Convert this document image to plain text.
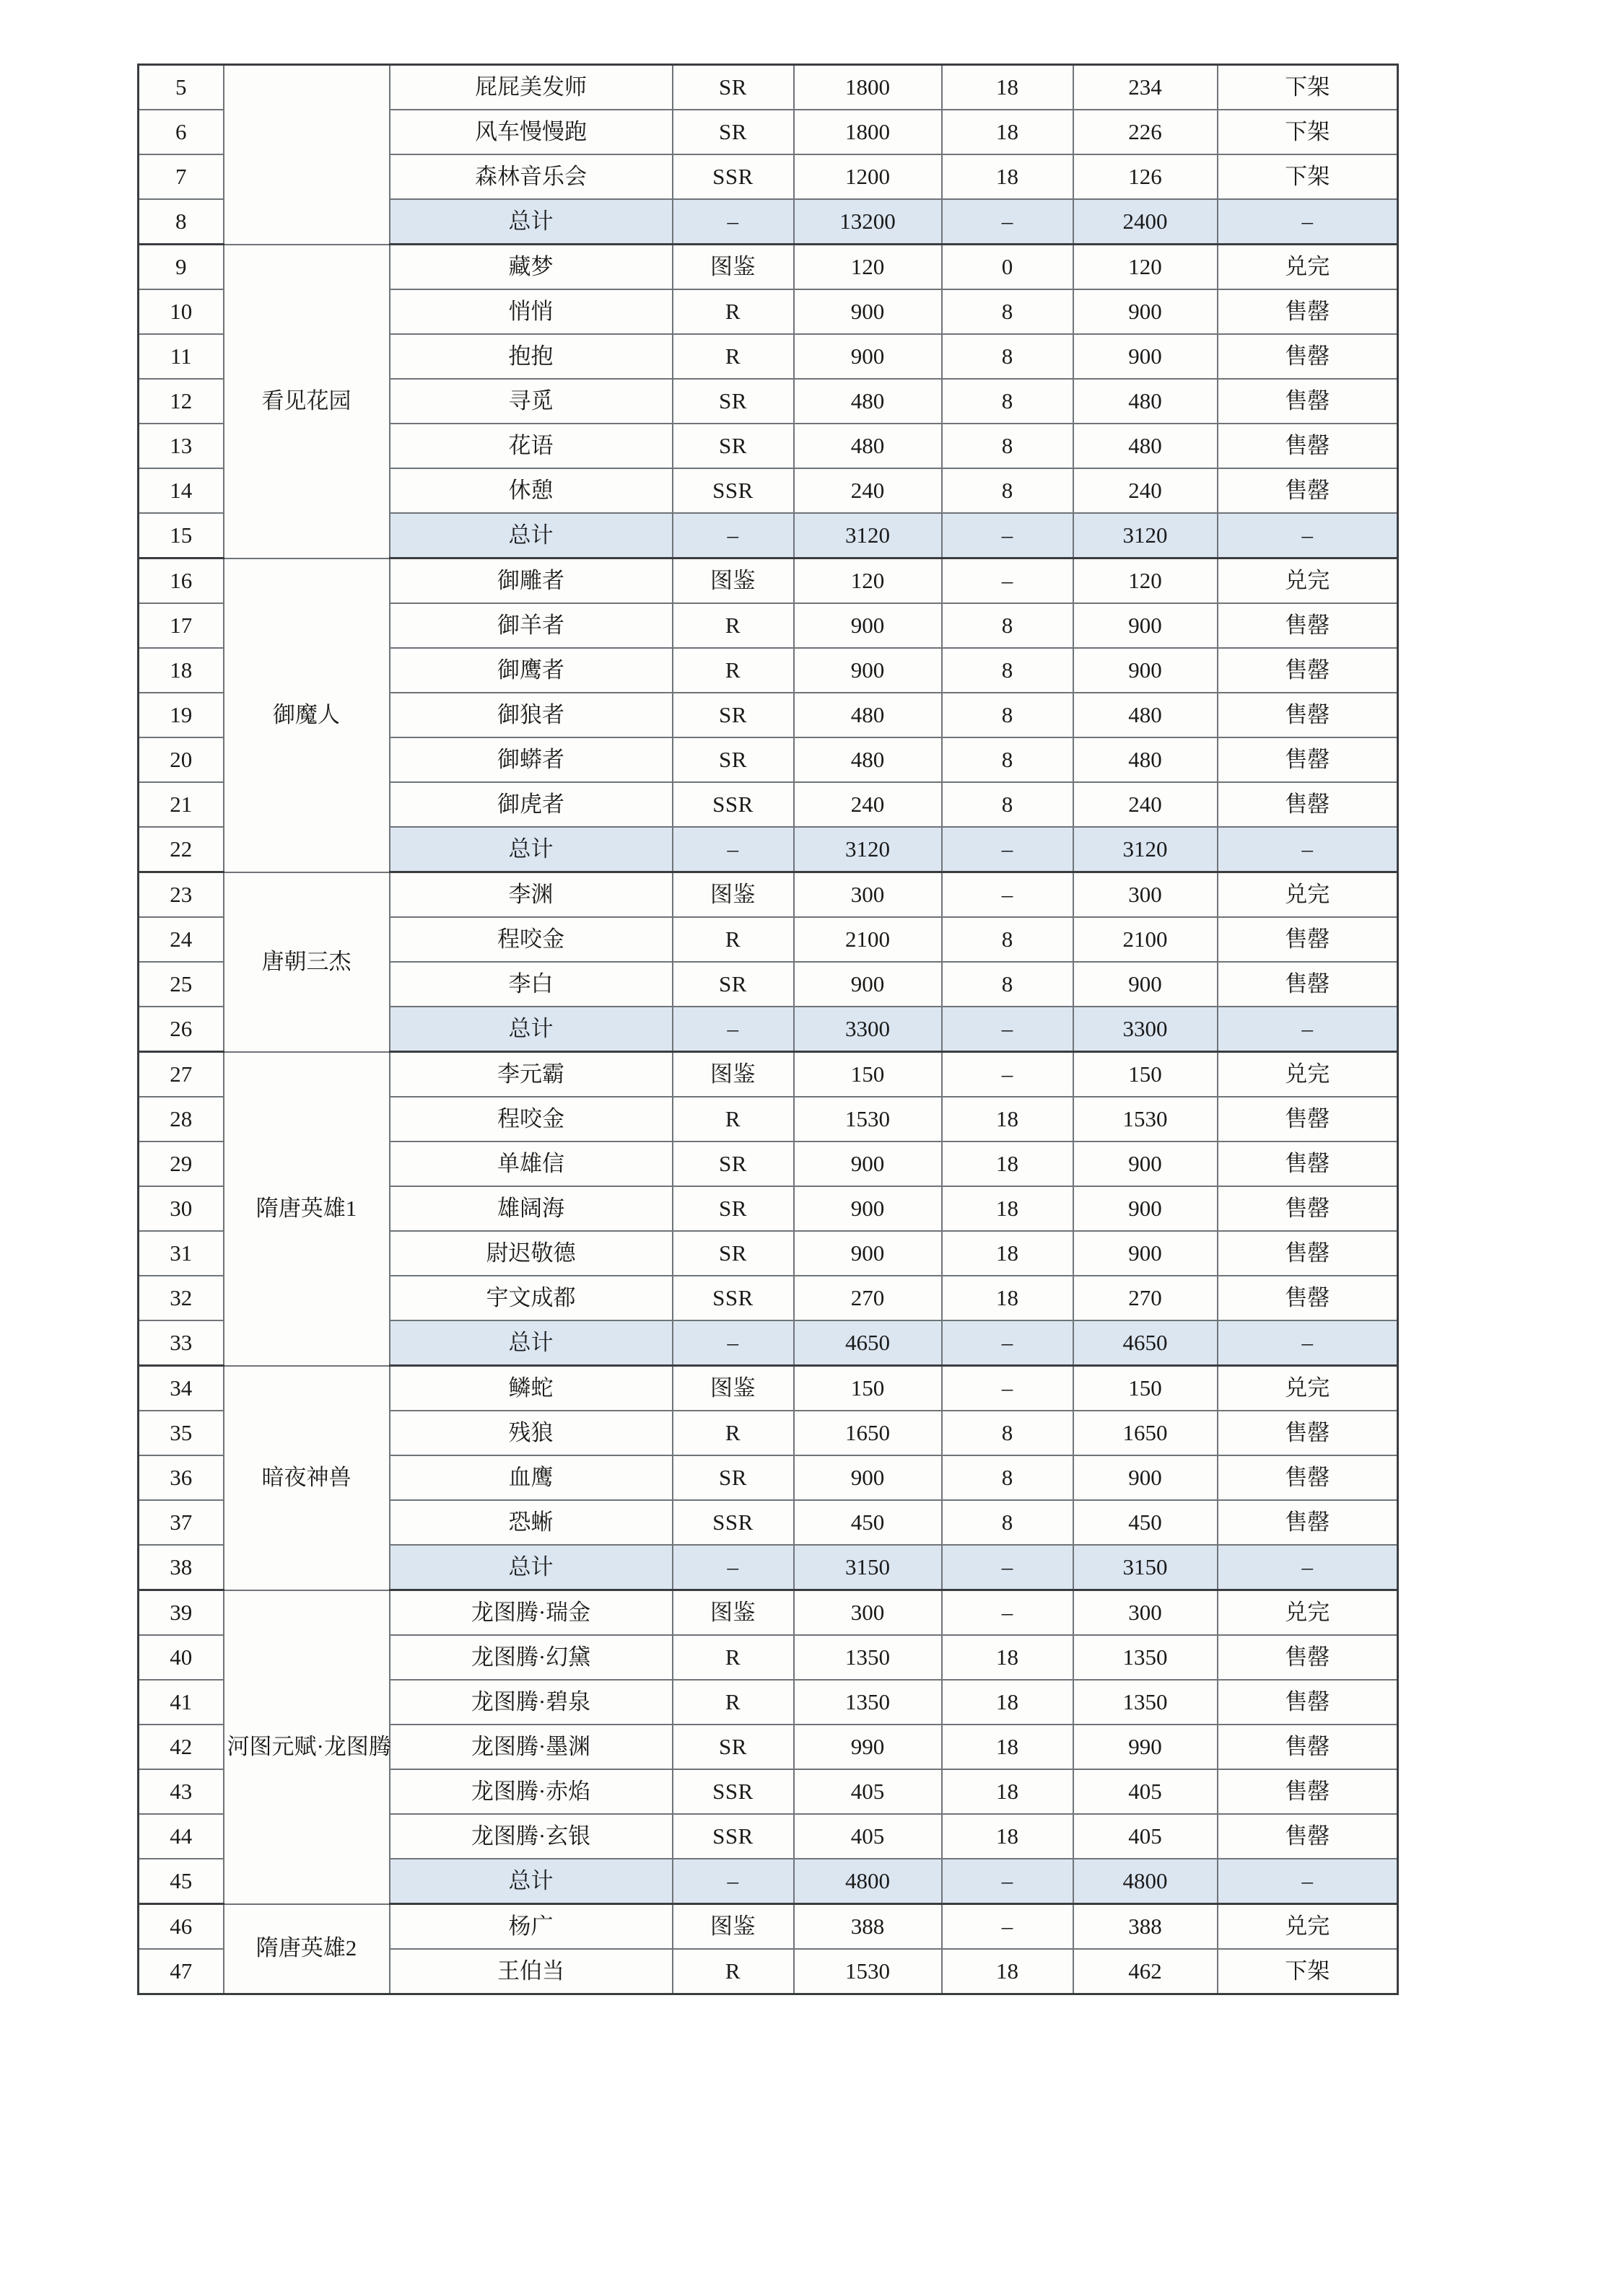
5		屁屁美发师	SR	1800	18	234	下架
6		风车慢慢跑	SR	1800	18	226	下架
7		森林音乐会	SSR	1200	18	126	下架
8		总计	–	13200	–	2400	–
9	看见花园	藏梦	图鉴	120	0	120	兑完
10		悄悄	R	900	8	900	售罄
11		抱抱	R	900	8	900	售罄
12		寻觅	SR	480	8	480	售罄
13		花语	SR	480	8	480	售罄
14		休憩	SSR	240	8	240	售罄
15		总计	–	3120	–	3120	–
16	御魔人	御雕者	图鉴	120	–	120	兑完
17		御羊者	R	900	8	900	售罄
18		御鹰者	R	900	8	900	售罄
19		御狼者	SR	480	8	480	售罄
20		御蟒者	SR	480	8	480	售罄
21		御虎者	SSR	240	8	240	售罄
22		总计	–	3120	–	3120	–
23	唐朝三杰	李渊	图鉴	300	–	300	兑完
24		程咬金	R	2100	8	2100	售罄
25		李白	SR	900	8	900	售罄
26		总计	–	3300	–	3300	–
27	隋唐英雄1	李元霸	图鉴	150	–	150	兑完
28		程咬金	R	1530	18	1530	售罄
29		单雄信	SR	900	18	900	售罄
30		雄阔海	SR	900	18	900	售罄
31		尉迟敬德	SR	900	18	900	售罄
32		宇文成都	SSR	270	18	270	售罄
33		总计	–	4650	–	4650	–
34	暗夜神兽	鳞蛇	图鉴	150	–	150	兑完
35		残狼	R	1650	8	1650	售罄
36		血鹰	SR	900	8	900	售罄
37		恐蜥	SSR	450	8	450	售罄
38		总计	–	3150	–	3150	–
39	河图元赋·龙图腾	龙图腾·瑞金	图鉴	300	–	300	兑完
40		龙图腾·幻黛	R	1350	18	1350	售罄
41		龙图腾·碧泉	R	1350	18	1350	售罄
42		龙图腾·墨渊	SR	990	18	990	售罄
43		龙图腾·赤焰	SSR	405	18	405	售罄
44		龙图腾·玄银	SSR	405	18	405	售罄
45		总计	–	4800	–	4800	–
46	隋唐英雄2	杨广	图鉴	388	–	388	兑完
47		王伯当	R	1530	18	462	下架
